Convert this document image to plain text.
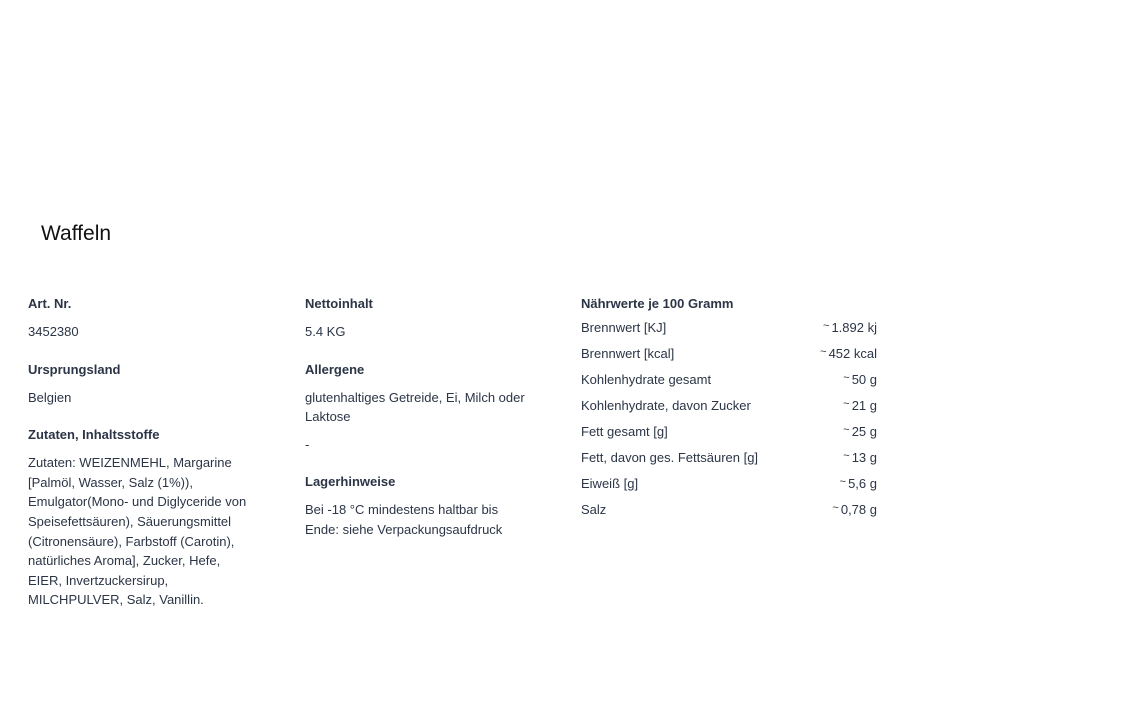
Waffeln
Art. Nr.
3452380
Ursprungsland
Belgien
Zutaten, Inhaltsstoffe
Zutaten: WEIZENMEHL, Margarine [Palmöl, Wasser, Salz (1%)), Emulgator(Mono- und Diglyceride von Speisefettsäuren), Säuerungsmittel (Citronensäure), Farbstoff (Carotin), natürliches Aroma], Zucker, Hefe, EIER, Invertzuckersirup, MILCHPULVER, Salz, Vanillin.
Nettoinhalt
5.4 KG
Allergene
glutenhaltiges Getreide, Ei, Milch oder Laktose
-
Lagerhinweise
Bei -18 °C mindestens haltbar bis Ende: siehe Verpackungsaufdruck
Nährwerte je 100 Gramm
Brennwert [KJ]	~ 1.892 kj
Brennwert [kcal]	~ 452 kcal
Kohlenhydrate gesamt	~ 50 g
Kohlenhydrate, davon Zucker	~ 21 g
Fett gesamt [g]	~ 25 g
Fett, davon ges. Fettsäuren [g]	~ 13 g
Eiweiß [g]	~ 5,6 g
Salz	~ 0,78 g
